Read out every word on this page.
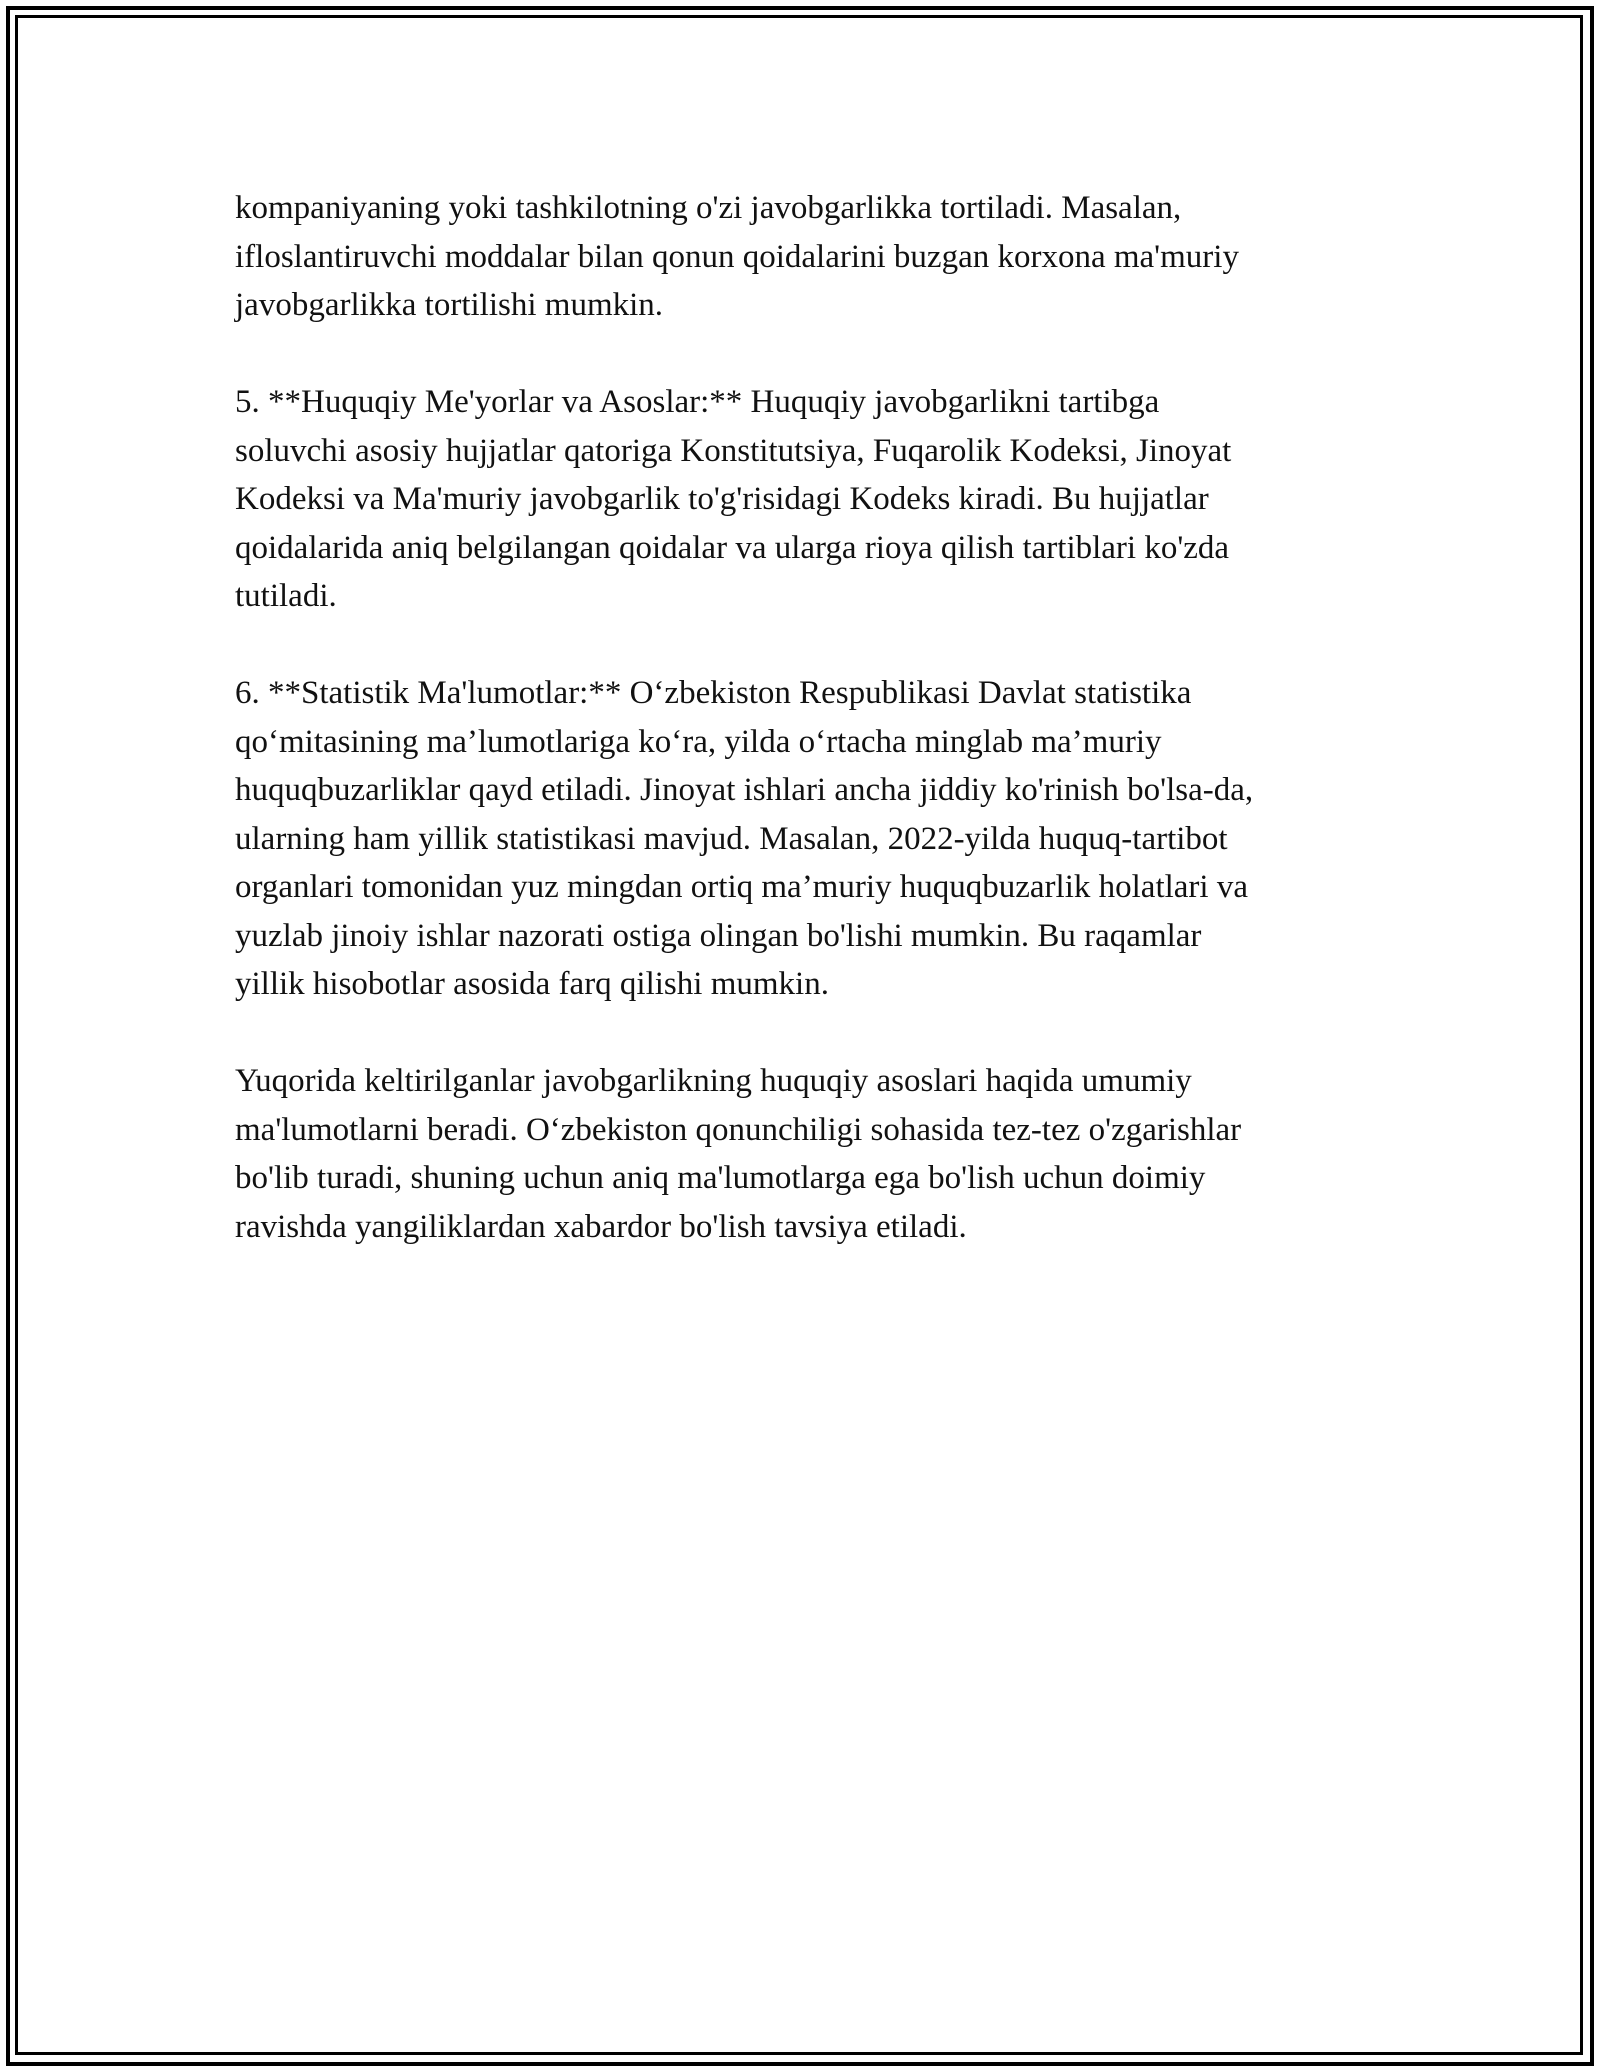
kompaniyaning yoki tashkilotning o'zi javobgarlikka tortiladi. Masalan,
ifloslantiruvchi moddalar bilan qonun qoidalarini buzgan korxona ma'muriy
javobgarlikka tortilishi mumkin.

5. **Huquqiy Me'yorlar va Asoslar:** Huquqiy javobgarlikni tartibga
soluvchi asosiy hujjatlar qatoriga Konstitutsiya, Fuqarolik Kodeksi, Jinoyat
Kodeksi va Ma'muriy javobgarlik to'g'risidagi Kodeks kiradi. Bu hujjatlar
qoidalarida aniq belgilangan qoidalar va ularga rioya qilish tartiblari ko'zda
tutiladi.

6. **Statistik Ma'lumotlar:** O‘zbekiston Respublikasi Davlat statistika
qo‘mitasining ma’lumotlariga ko‘ra, yilda o‘rtacha minglab ma’muriy
huquqbuzarliklar qayd etiladi. Jinoyat ishlari ancha jiddiy ko'rinish bo'lsa-da,
ularning ham yillik statistikasi mavjud. Masalan, 2022-yilda huquq-tartibot
organlari tomonidan yuz mingdan ortiq ma’muriy huquqbuzarlik holatlari va
yuzlab jinoiy ishlar nazorati ostiga olingan bo'lishi mumkin. Bu raqamlar
yillik hisobotlar asosida farq qilishi mumkin.

Yuqorida keltirilganlar javobgarlikning huquqiy asoslari haqida umumiy
ma'lumotlarni beradi. O‘zbekiston qonunchiligi sohasida tez-tez o'zgarishlar
bo'lib turadi, shuning uchun aniq ma'lumotlarga ega bo'lish uchun doimiy
ravishda yangiliklardan xabardor bo'lish tavsiya etiladi.
